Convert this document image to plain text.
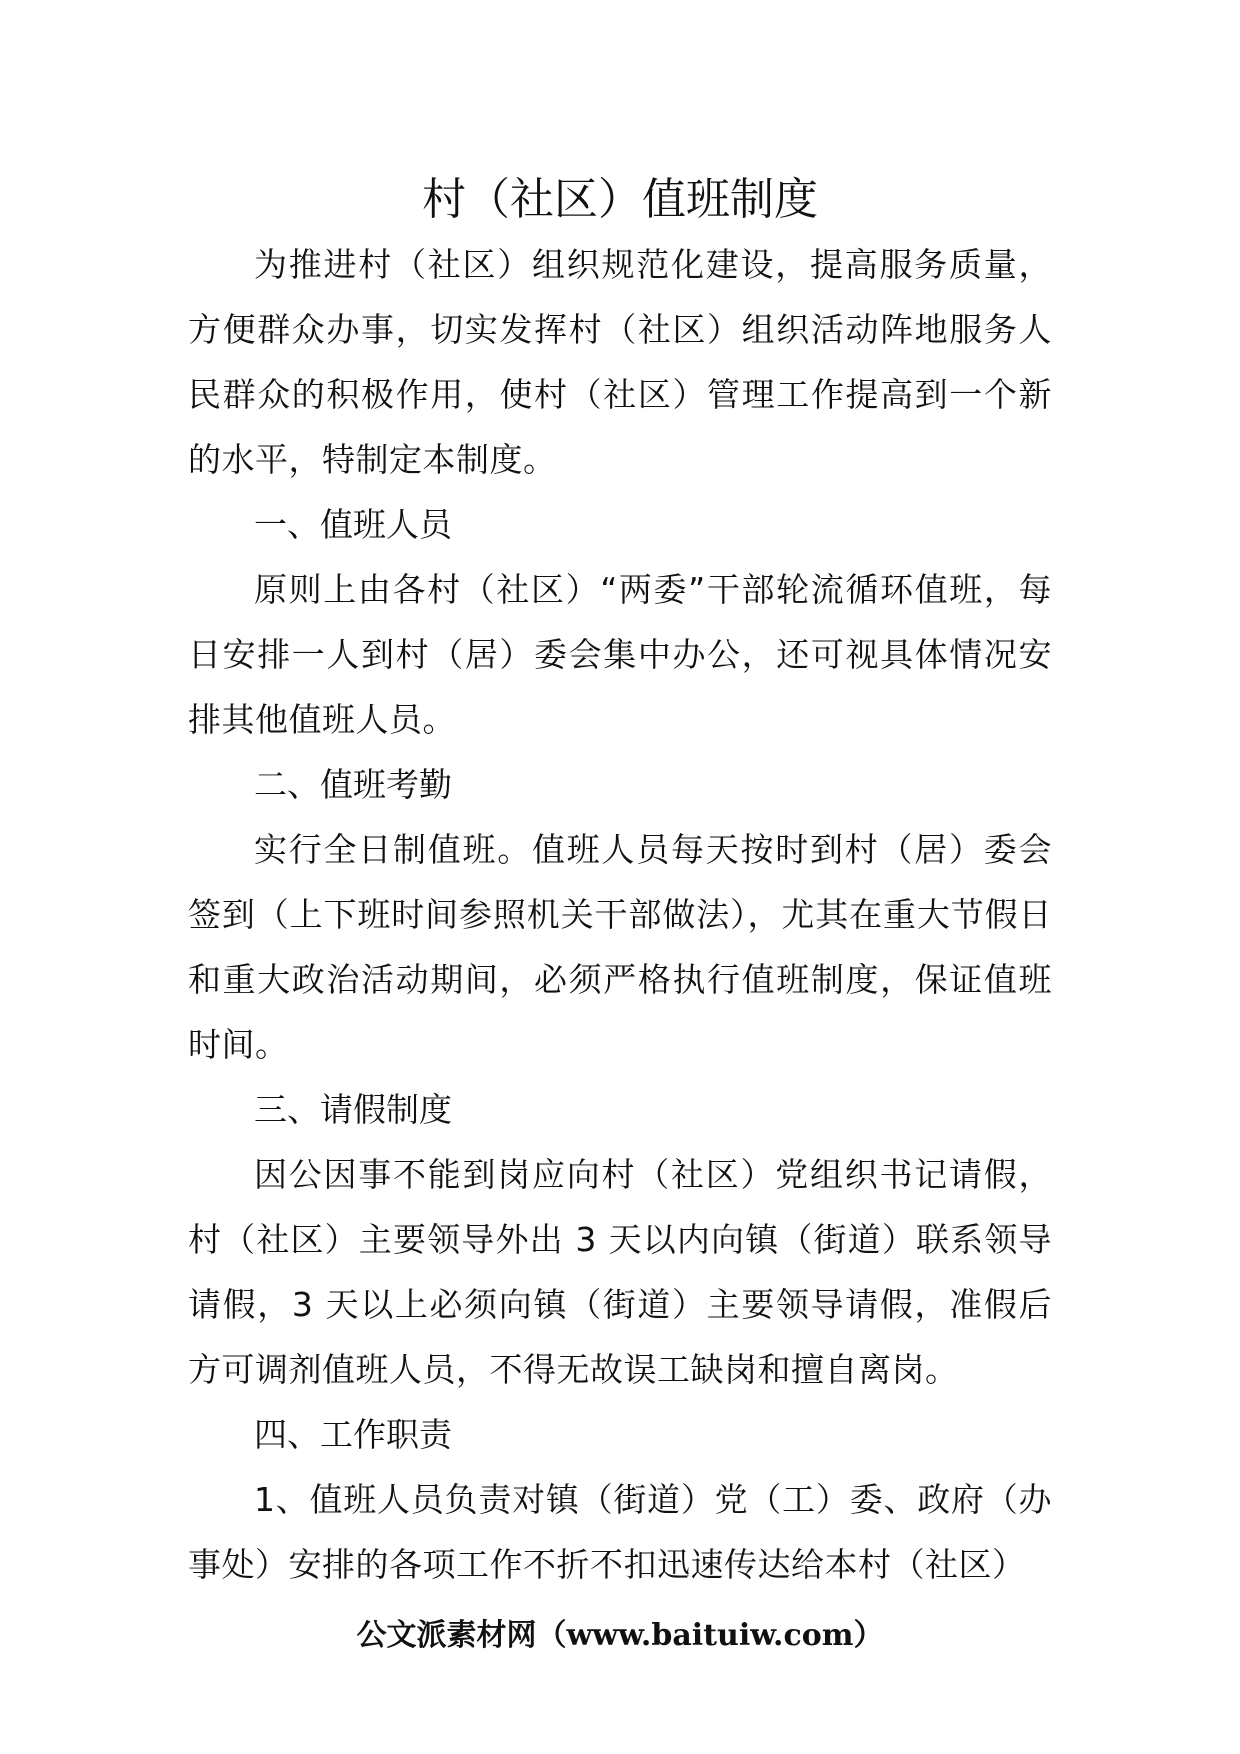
村（社区）值班制度

为推进村（社区）组织规范化建设，提高服务质量，方便群众办事，切实发挥村（社区）组织活动阵地服务人民群众的积极作用，使村（社区）管理工作提高到一个新的水平，特制定本制度。

一、值班人员

原则上由各村（社区）“两委”干部轮流循环值班，每日安排一人到村（居）委会集中办公，还可视具体情况安排其他值班人员。

二、值班考勤

实行全日制值班。值班人员每天按时到村（居）委会签到（上下班时间参照机关干部做法），尤其在重大节假日和重大政治活动期间，必须严格执行值班制度，保证值班时间。

三、请假制度

因公因事不能到岗应向村（社区）党组织书记请假，村（社区）主要领导外出 3 天以内向镇（街道）联系领导请假，3 天以上必须向镇（街道）主要领导请假，准假后方可调剂值班人员，不得无故误工缺岗和擅自离岗。

四、工作职责

1、值班人员负责对镇（街道）党（工）委、政府（办事处）安排的各项工作不折不扣迅速传达给本村（社区）

公文派素材网（www.baituiw.com）
